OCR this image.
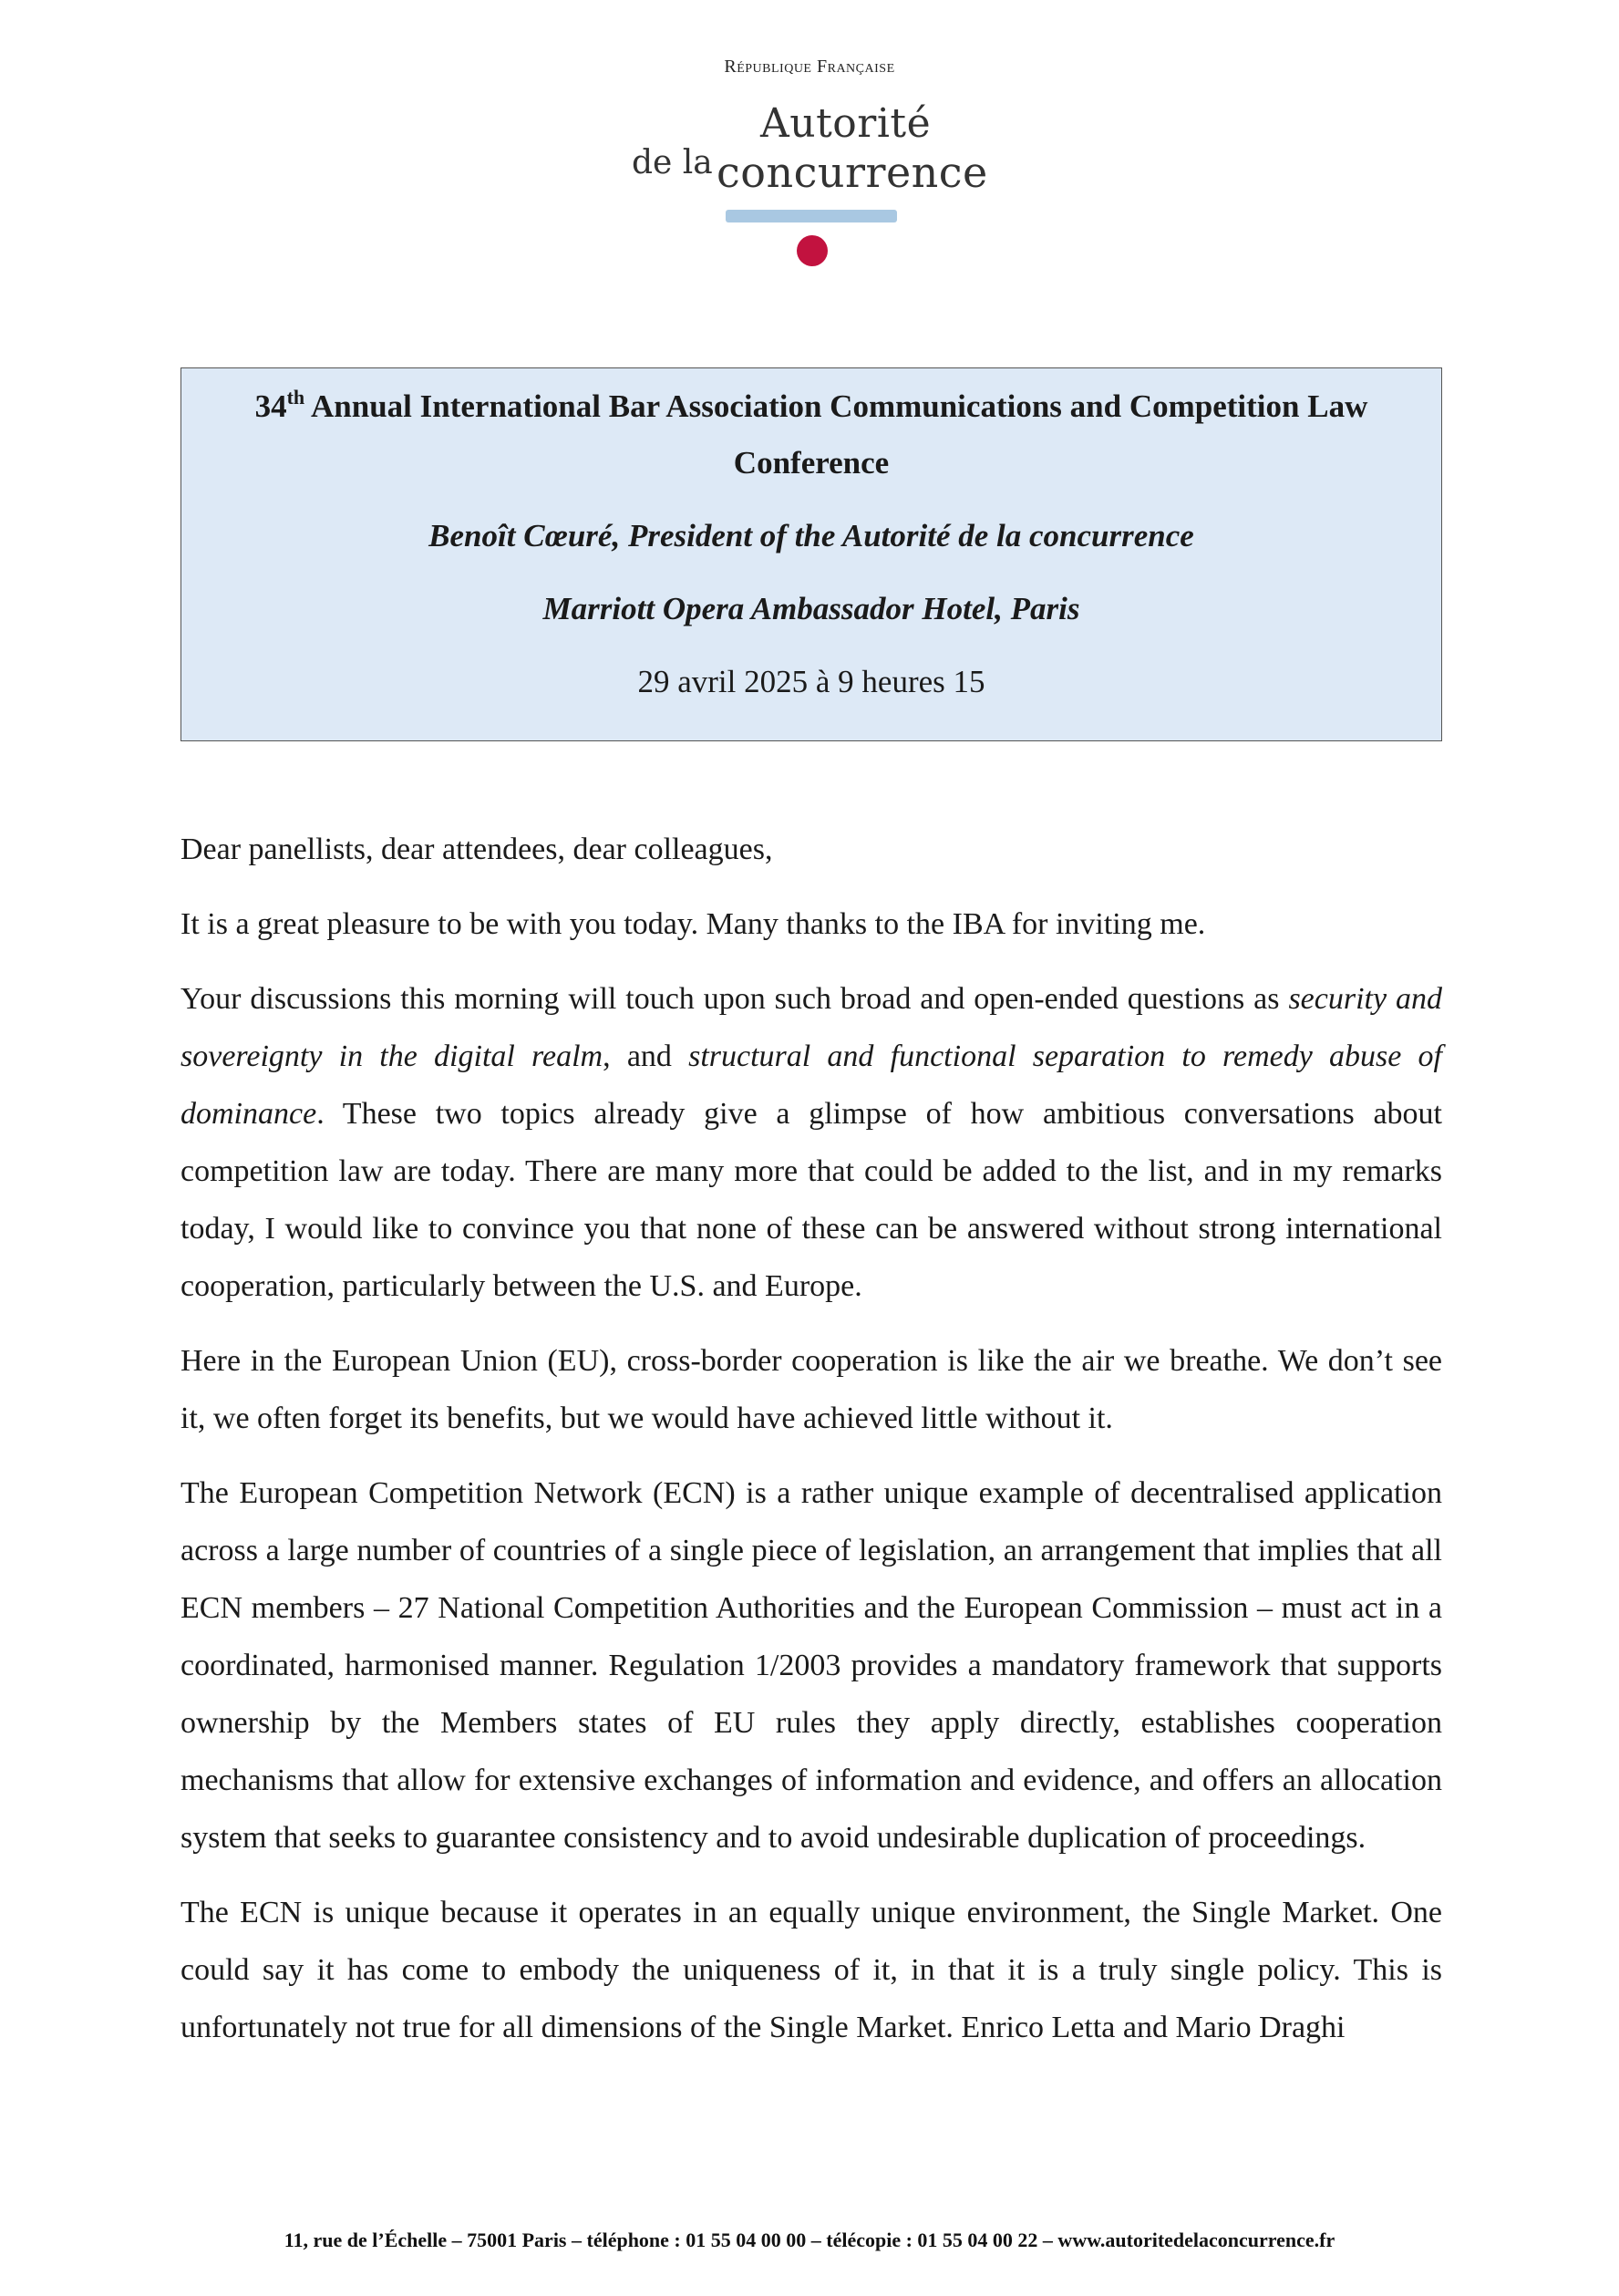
République Française
Autorité
de la concurrence
34th Annual International Bar Association Communications and Competition Law
Conference
Benoît Cœuré, President of the Autorité de la concurrence
Marriott Opera Ambassador Hotel, Paris
29 avril 2025 à 9 heures 15

Dear panellists, dear attendees, dear colleagues,

It is a great pleasure to be with you today. Many thanks to the IBA for inviting me.

Your discussions this morning will touch upon such broad and open-ended questions as security and sovereignty in the digital realm, and structural and functional separation to remedy abuse of dominance. These two topics already give a glimpse of how ambitious conversations about competition law are today. There are many more that could be added to the list, and in my remarks today, I would like to convince you that none of these can be answered without strong international cooperation, particularly between the U.S. and Europe.

Here in the European Union (EU), cross-border cooperation is like the air we breathe. We don’t see it, we often forget its benefits, but we would have achieved little without it.

The European Competition Network (ECN) is a rather unique example of decentralised application across a large number of countries of a single piece of legislation, an arrangement that implies that all ECN members – 27 National Competition Authorities and the European Commission – must act in a coordinated, harmonised manner. Regulation 1/2003 provides a mandatory framework that supports ownership by the Members states of EU rules they apply directly, establishes cooperation mechanisms that allow for extensive exchanges of information and evidence, and offers an allocation system that seeks to guarantee consistency and to avoid undesirable duplication of proceedings.

The ECN is unique because it operates in an equally unique environment, the Single Market. One could say it has come to embody the uniqueness of it, in that it is a truly single policy. This is unfortunately not true for all dimensions of the Single Market. Enrico Letta and Mario Draghi

11, rue de l’Échelle – 75001 Paris – téléphone : 01 55 04 00 00 – télécopie : 01 55 04 00 22 – www.autoritedelaconcurrence.fr
